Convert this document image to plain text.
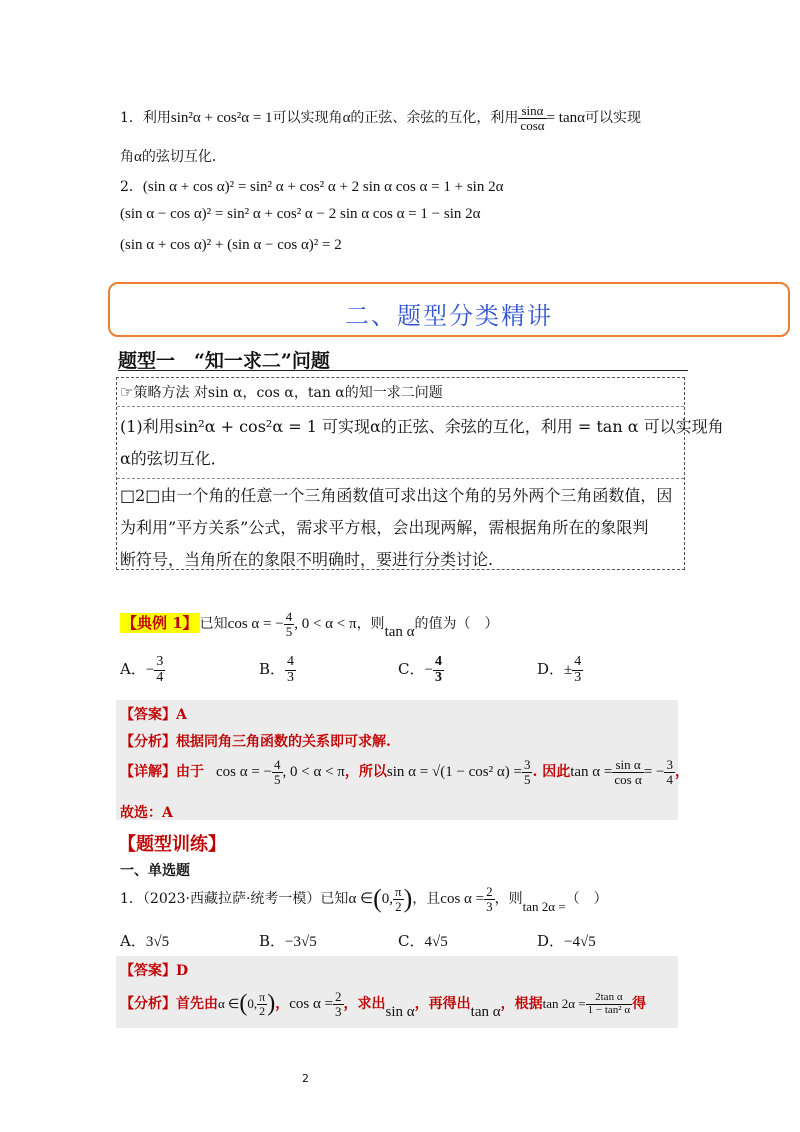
1．利用sin²α + cos²α = 1可以实现角α的正弦、余弦的互化，利用 $\frac{\sin\alpha}{\cos\alpha} = \tan\alpha$可以实现
角α的弦切互化．
2．(sin α + cos α)² = sin² α + cos² α + 2 sin α cos α = 1 + sin 2α
(sin α − cos α)² = sin² α + cos² α − 2 sin α cos α = 1 − sin 2α
(sin α + cos α)² + (sin α − cos α)² = 2
二、题型分类精讲
题型一　“知一求二”问题
☞策略方法 对sin α，cos α，tan α的知一求二问题
(1)利用sin²α + cos²α = 1 可实现α的正弦、余弦的互化，利用 = tan α 可以实现角
α的弦切互化．
□2□由一个角的任意一个三角函数值可求出这个角的另外两个三角函数值，因
为利用”平方关系”公式，需求平方根，会出现两解，需根据角所在的象限判
断符号，当角所在的象限不明确时，要进行分类讨论.
【典例 1】 已知cos α = − $\frac{4}{5}$ , 0 < α < π，则tan α的值为（　）
A．− $\frac{3}{4}$	B． $\frac{4}{3}$	C．− $\frac{4}{3}$	D．± $\frac{4}{3}$
【答案】A
【分析】根据同角三角函数的关系即可求解.
【详解】由于 cos α = − $\frac{4}{5}$ , 0 < α < π，所以sin α = √(1 − cos² $\alpha) = \frac{3}{5}$ . 因此$\tan \alpha = \frac{\text{sin α}}{\text{cos α}}$ = − $\frac{3}{4}$ ，
故选：A
【题型训练】
一、单选题
1．（2023·西藏拉萨·统考一模）已知α ∈(0, $\frac{\pi}{2}$ )，且$\cos \alpha = \frac{2}{3}$ ，则tan 2α =（　）
A．3√5	B．−3√5	C．4√5	D．−4√5
【答案】D
【分析】首先由α ∈(0, $\frac{\pi}{2}$ )，$\cos \alpha = \frac{2}{3}$ ，求出sin α，再得出tan α，根据$\tan 2\alpha = \frac{\text{2tan α}}{\text{1 − tan² α}}$ 得
2
